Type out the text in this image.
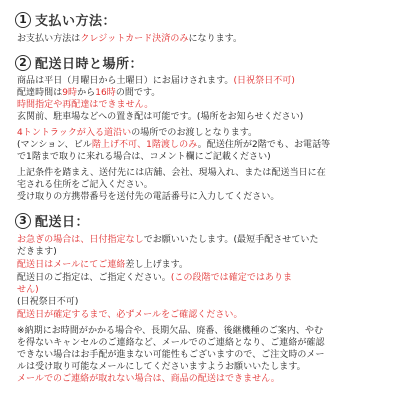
1 支払い方法：
お支払い方法はクレジットカード決済のみになります。
2 配送日時と場所：
商品は平日（月曜日から土曜日）にお届けされます。(日祝祭日不可)
配達時間は9時から16時の間です。
時間指定や再配達はできません。
玄関前、駐車場などへの置き配は可能です。(場所をお知らせください)
4トントラックが入る道沿いの場所でのお渡しとなります。
(マンション、ビル階上げ不可、1階渡しのみ。配送住所が2階でも、お電話等
で1階まで取りに来れる場合は、コメント欄にご記載ください)
上記条件を踏まえ、送付先には店舗、会社、現場入れ、または配送当日に在
宅される住所をご記入ください。
受け取りの方携帯番号を送付先の電話番号に入力してください。
3 配送日：
お急ぎの場合は、日付指定なしでお願いいたします。(最短手配させていた
だきます)
配送日はメールにてご連絡差し上げます。
配送日のご指定は、ご指定ください。(この段階では確定ではありま
せん)
(日祝祭日不可)
配送日が確定するまで、必ずメールをご確認ください。
※納期にお時間がかかる場合や、長期欠品、廃番、後継機種のご案内、やむ
を得ないキャンセルのご連絡など、メールでのご連絡となり、ご連絡が確認
できない場合はお手配が進まない可能性もございますので、ご注文時のメー
ルは受け取り可能なメールにしてくださいますようお願いいたします。
メールでのご連絡が取れない場合は、商品の配送はできません。
